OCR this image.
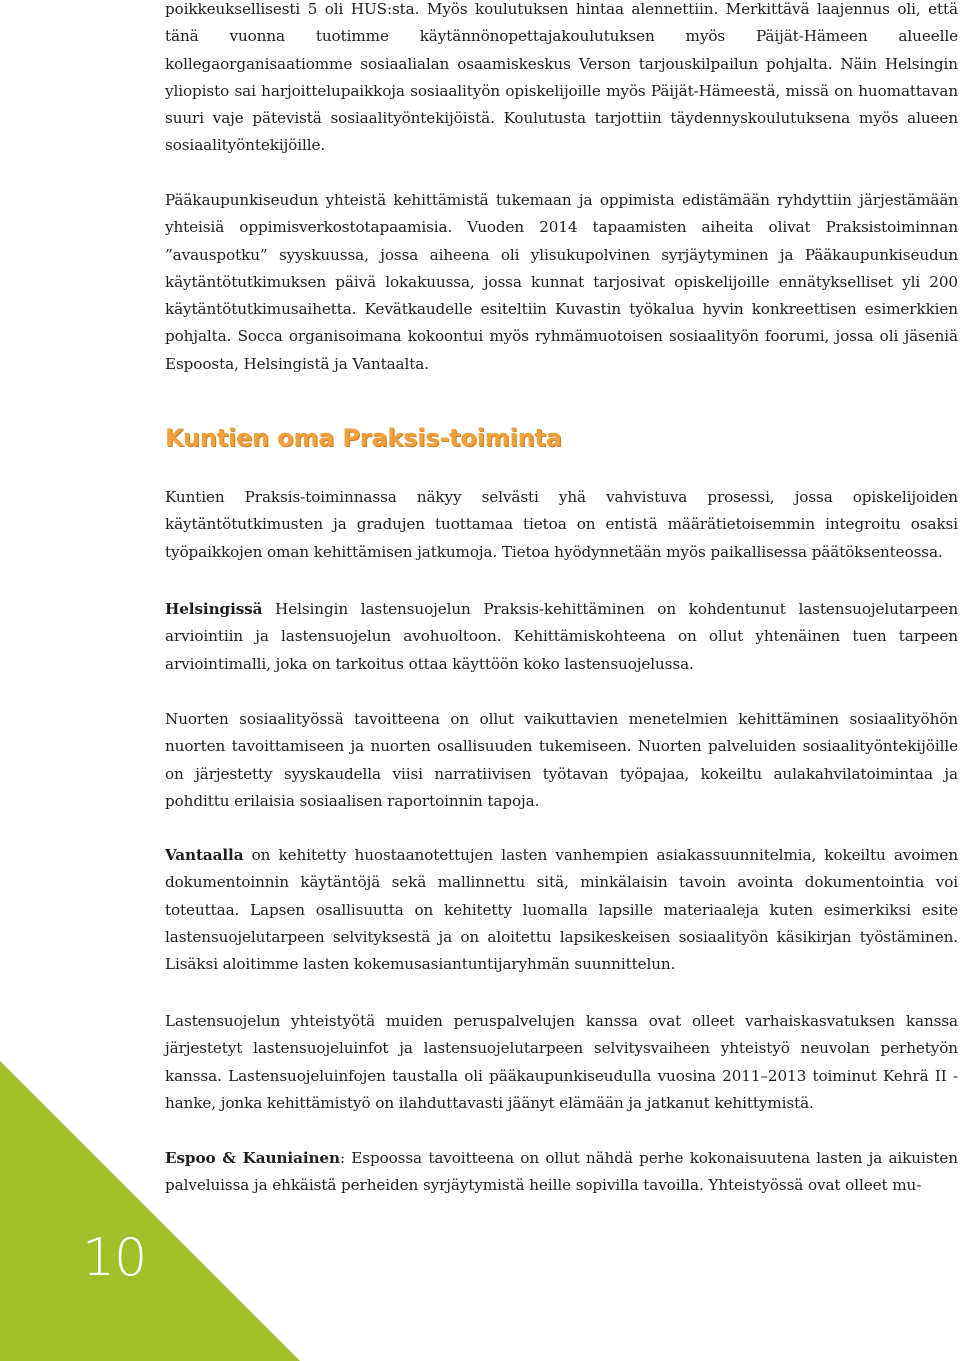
poikkeuksellisesti 5 oli HUS:sta. Myös koulutuksen hintaa alennettiin. Merkittävä laajennus oli, että tänä vuonna tuotimme käytännönopettajakoulutuksen myös Päijät-Hämeen alueelle kollegaorganisaatiomme sosiaalialan osaamiskeskus Verson tarjouskilpailun pohjalta. Näin Helsingin yliopisto sai harjoittelupaikkoja sosiaalityön opiskelijoille myös Päijät-Hämeestä, missä on huomattavan suuri vaje pätevistä sosiaalityöntekijöistä. Koulutusta tarjottiin täydennyskoulutuksena myös alueen sosiaalityöntekijöille.

Pääkaupunkiseudun yhteistä kehittämistä tukemaan ja oppimista edistämään ryhdyttiin järjestämään yhteisiä oppimisverkostotapaamisia. Vuoden 2014 tapaamisten aiheita olivat Praksistoiminnan ”avauspotku” syyskuussa, jossa aiheena oli ylisukupolvinen syrjäytyminen ja Pääkaupunkiseudun käytäntötutkimuksen päivä lokakuussa, jossa kunnat tarjosivat opiskelijoille ennätykselliset yli 200 käytäntötutkimusaihetta. Kevätkaudelle esiteltiin Kuvastin työkalua hyvin konkreettisen esimerkkien pohjalta. Socca organisoimana kokoontui myös ryhmämuotoisen sosiaalityön foorumi, jossa oli jäseniä Espoosta, Helsingistä ja Vantaalta.

Kuntien oma Praksis-toiminta

Kuntien Praksis-toiminnassa näkyy selvästi yhä vahvistuva prosessi, jossa opiskelijoiden käytäntötutkimusten ja gradujen tuottamaa tietoa on entistä määrätietoisemmin integroitu osaksi työpaikkojen oman kehittämisen jatkumoja. Tietoa hyödynnetään myös paikallisessa päätöksenteossa.

Helsingissä Helsingin lastensuojelun Praksis-kehittäminen on kohdentunut lastensuojelutarpeen arviointiin ja lastensuojelun avohuoltoon. Kehittämiskohteena on ollut yhtenäinen tuen tarpeen arviointimalli, joka on tarkoitus ottaa käyttöön koko lastensuojelussa.

Nuorten sosiaalityössä tavoitteena on ollut vaikuttavien menetelmien kehittäminen sosiaalityöhön nuorten tavoittamiseen ja nuorten osallisuuden tukemiseen. Nuorten palveluiden sosiaalityöntekijöille on järjestetty syyskaudella viisi narratiivisen työtavan työpajaa, kokeiltu aulakahvilatoimintaa ja pohdittu erilaisia sosiaalisen raportoinnin tapoja.

Vantaalla on kehitetty huostaanotettujen lasten vanhempien asiakassuunnitelmia, kokeiltu avoimen dokumentoinnin käytäntöjä sekä mallinnettu sitä, minkälaisin tavoin avointa dokumentointia voi toteuttaa. Lapsen osallisuutta on kehitetty luomalla lapsille materiaaleja kuten esimerkiksi esite lastensuojelutarpeen selvityksestä ja on aloitettu lapsikeskeisen sosiaalityön käsikirjan työstäminen. Lisäksi aloitimme lasten kokemusasiantuntijaryhmän suunnittelun.

Lastensuojelun yhteistyötä muiden peruspalvelujen kanssa ovat olleet varhaiskasvatuksen kanssa järjestetyt lastensuojeluinfot ja lastensuojelutarpeen selvitysvaiheen yhteistyö neuvolan perhetyön kanssa. Lastensuojeluinfojen taustalla oli pääkaupunkiseudulla vuosina 2011–2013 toiminut Kehrä II -hanke, jonka kehittämistyö on ilahduttavasti jäänyt elämään ja jatkanut kehittymistä.

Espoo & Kauniainen: Espoossa tavoitteena on ollut nähdä perhe kokonaisuutena lasten ja aikuisten palveluissa ja ehkäistä perheiden syrjäytymistä heille sopivilla tavoilla. Yhteistyössä ovat olleet mu-

10
